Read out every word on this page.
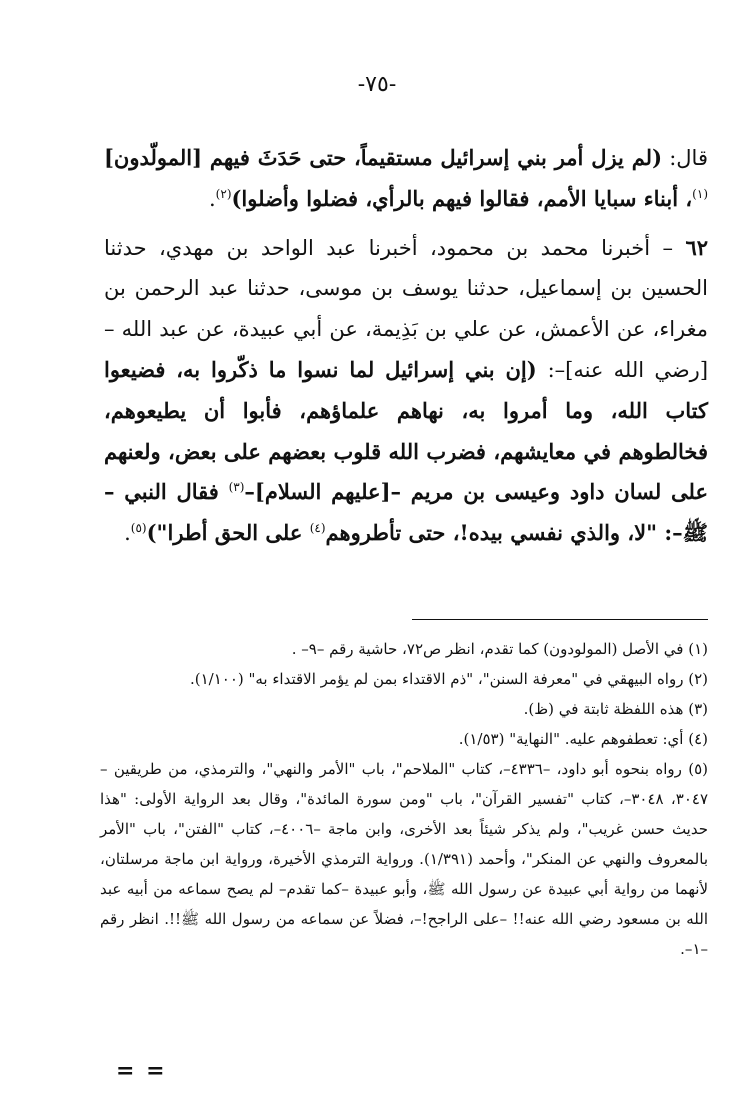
-٧٥-

قال: (لم يزل أمر بني إسرائيل مستقيماً، حتى حَدَثَ فيهم [المولّدون]$^{(١)}$، أبناء سبايا الأمم، فقالوا فيهم بالرأي، فضلوا وأضلوا)$^{(٢)}$.

٦٢ – أخبرنا محمد بن محمود، أخبرنا عبد الواحد بن مهدي، حدثنا الحسين بن إسماعيل، حدثنا يوسف بن موسى، حدثنا عبد الرحمن بن مغراء، عن الأعمش، عن علي بن بَذِيمة، عن أبي عبيدة، عن عبد الله –[رضي الله عنه]–: (إن بني إسرائيل لما نسوا ما ذكّروا به، فضيعوا كتاب الله، وما أمروا به، نهاهم علماؤهم، فأبوا أن يطيعوهم، فخالطوهم في معايشهم، فضرب الله قلوب بعضهم على بعض، ولعنهم على لسان داود وعيسى بن مريم –[عليهم السلام]–$^{(٣)}$ فقال النبي –ﷺ–: "لا، والذي نفسي بيده!، حتى تأطروهم$^{(٤)}$ على الحق أطرا")$^{(٥)}$.

(١) في الأصل (المولودون) كما تقدم، انظر ص٧٢، حاشية رقم –٩– .

(٢) رواه البيهقي في "معرفة السنن"، "ذم الاقتداء بمن لم يؤمر الاقتداء به" (١/١٠٠).

(٣) هذه اللفظة ثابتة في (ظ).

(٤) أي: تعطفوهم عليه. "النهاية" (١/٥٣).

(٥) رواه بنحوه أبو داود، –٤٣٣٦–، كتاب "الملاحم"، باب "الأمر والنهي"، والترمذي، من طريقين –٣٠٤٧، ٣٠٤٨–، كتاب "تفسير القرآن"، باب "ومن سورة المائدة"، وقال بعد الرواية الأولى: "هذا حديث حسن غريب"، ولم يذكر شيئاً بعد الأخرى، وابن ماجة –٤٠٠٦–، كتاب "الفتن"، باب "الأمر بالمعروف والنهي عن المنكر"، وأحمد (١/٣٩١). ورواية الترمذي الأخيرة، ورواية ابن ماجة مرسلتان، لأنهما من رواية أبي عبيدة عن رسول الله ﷺ، وأبو عبيدة –كما تقدم– لم يصح سماعه من أبيه عبد الله بن مسعود رضي الله عنه!! –على الراجح!–، فضلاً عن سماعه من رسول الله ﷺ!!. انظر رقم –١–.

= =
